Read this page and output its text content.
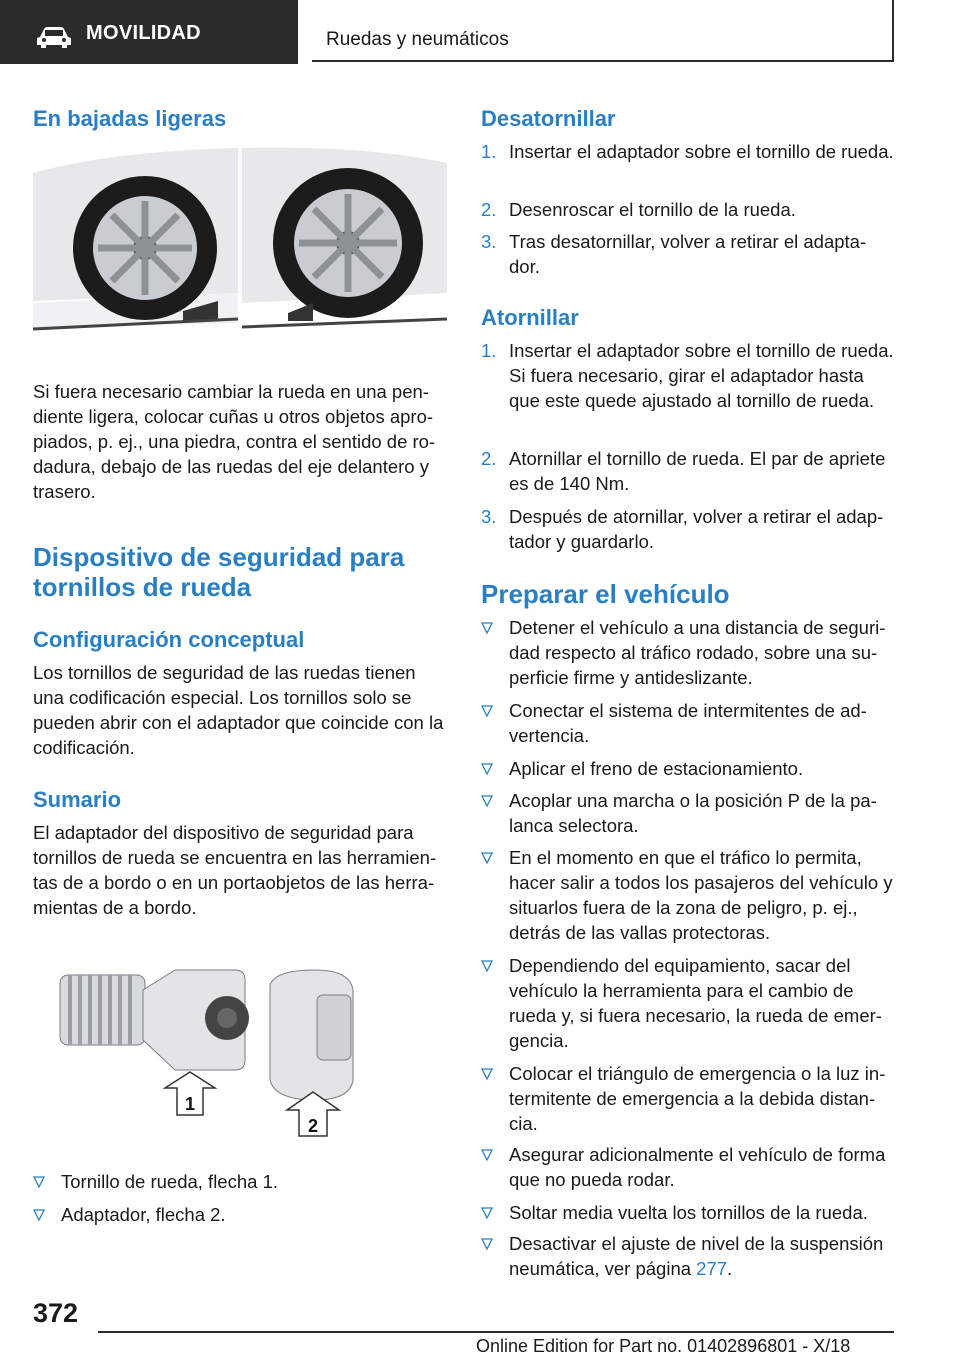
MOVILIDAD	Ruedas y neumáticos
En bajadas ligeras

Si fuera necesario cambiar la rueda en una pen- diente ligera, colocar cuñas u otros objetos apro- piados, p. ej., una piedra, contra el sentido de ro- dadura, debajo de las ruedas del eje delantero y trasero.

Dispositivo de seguridad para tornillos de rueda
Configuración conceptual

Los tornillos de seguridad de las ruedas tienen una codificación especial. Los tornillos solo se pueden abrir con el adaptador que coincide con la codificación.

Sumario

El adaptador del dispositivo de seguridad para tornillos de rueda se encuentra en las herramien- tas de a bordo o en un portaobjetos de las herra- mientas de a bordo.

1
2
Tornillo de rueda, flecha 1.
Adaptador, flecha 2.
Desatornillar
1. Insertar el adaptador sobre el tornillo de rueda.
2. Desenroscar el tornillo de la rueda.
3. Tras desatornillar, volver a retirar el adapta- dor.
Atornillar
1. Insertar el adaptador sobre el tornillo de rueda. Si fuera necesario, girar el adaptador hasta que este quede ajustado al tornillo de rueda.
2. Atornillar el tornillo de rueda. El par de apriete es de 140 Nm.
3. Después de atornillar, volver a retirar el adap- tador y guardarlo.
Preparar el vehículo
Detener el vehículo a una distancia de seguri- dad respecto al tráfico rodado, sobre una su- perficie firme y antideslizante.
Conectar el sistema de intermitentes de ad- vertencia.
Aplicar el freno de estacionamiento.
Acoplar una marcha o la posición P de la pa- lanca selectora.
En el momento en que el tráfico lo permita, hacer salir a todos los pasajeros del vehículo y situarlos fuera de la zona de peligro, p. ej., detrás de las vallas protectoras.
Dependiendo del equipamiento, sacar del vehículo la herramienta para el cambio de rueda y, si fuera necesario, la rueda de emer- gencia.
Colocar el triángulo de emergencia o la luz in- termitente de emergencia a la debida distan- cia.
Asegurar adicionalmente el vehículo de forma que no pueda rodar.
Soltar media vuelta los tornillos de la rueda.
Desactivar el ajuste de nivel de la suspensión neumática, ver página 277.
372
Online Edition for Part no. 01402896801 - X/18
